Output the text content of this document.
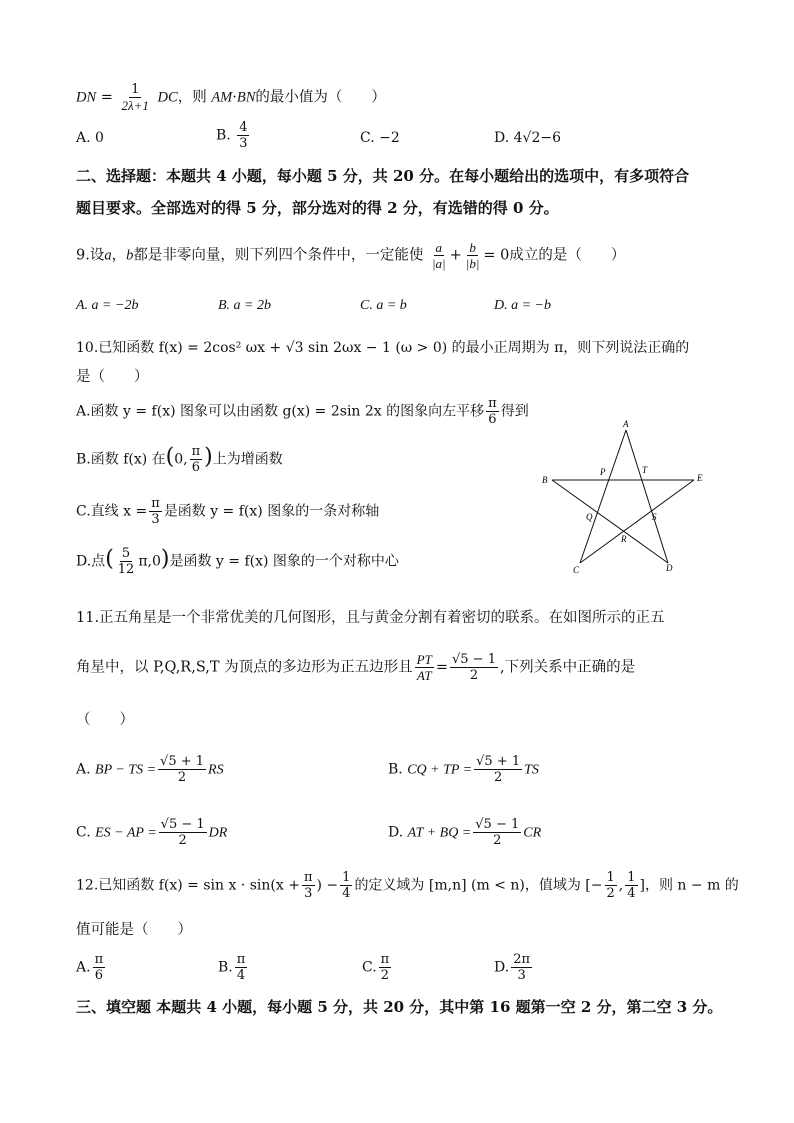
DN = $\frac{1}{2\lambda+1}$ DC，则 AM·BN的最小值为（　　）
A. 0	B. $\frac{4}{3}$	C. −2	D. 4√2−6
二、选择题：本题共 4 小题，每小题 5 分，共 20 分。在每小题给出的选项中，有多项符合
题目要求。全部选对的得 5 分，部分选对的得 2 分，有选错的得 0 分。
9.设a，b都是非零向量，则下列四个条件中，一定能使 $\frac{a}{|a|} + \frac{b}{|b|} = 0$成立的是（　　）
A. a = −2b	B. a = 2b	C. a = b	D. a = −b
10.已知函数 f(x) = 2cos² ωx + √3 sin 2ωx − 1 (ω > 0) 的最小正周期为 π，则下列说法正确的
是（　　）
A.函数 y = f(x) 图象可以由函数 g(x) = 2sin 2x 的图象向左平移 $\frac{\pi}{6}$ 得到
B.函数 f(x) 在(0, $\frac{\pi}{6}$ )上为增函数
C.直线 $x = \frac{\pi}{3}$ 是函数 y = f(x) 图象的一条对称轴
D.点( $\frac{5}{12} \pi,0$)是函数 y = f(x) 图象的一个对称中心
A
B	E
P	T
Q	S
R
C	D
11.正五角星是一个非常优美的几何图形，且与黄金分割有着密切的联系。在如图所示的正五
角星中，以 P,Q,R,S,T 为顶点的多边形为正五边形且 $\frac{PT}{AT} = \frac{√5 - 1}{2}$ ,下列关系中正确的是
（　　）
A. BP − TS = $\frac{√5 + 1}{2}$ RS	B. CQ + TP = $\frac{√5 + 1}{2}$ TS
C. ES − AP = $\frac{√5 - 1}{2}$ DR	D. AT + BQ = $\frac{√5 - 1}{2}$ CR
12.已知函数 $f(x) = \sin x \cdot \sin(x + \frac{\pi}{3}$ ) − $\frac{1}{4}$ 的定义域为 [m,n] (m < n)，值域为 [− $\frac{1}{2}$ , $\frac{1}{4}$ ]，则 n − m 的
值可能是（　　）
A. $\frac{\pi}{6}$	B. $\frac{\pi}{4}$	C. $\frac{\pi}{2}$	D. $\frac{2\pi}{3}$
三、填空题 本题共 4 小题，每小题 5 分，共 20 分，其中第 16 题第一空 2 分，第二空 3 分。
